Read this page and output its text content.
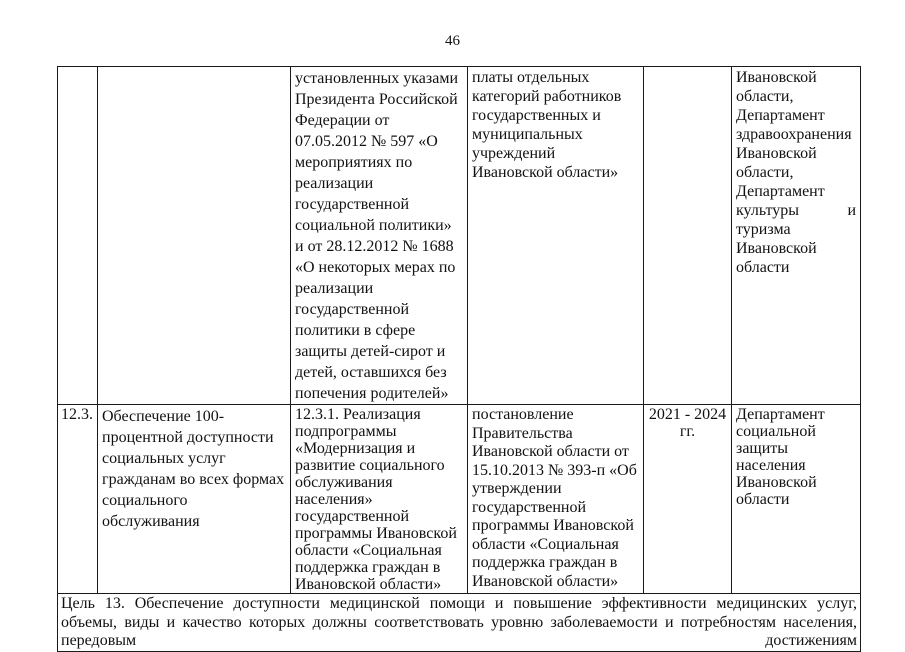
46
		установленных указами Президента Российской Федерации от 07.05.2012 № 597 «О мероприятиях по реализации государственной социальной политики» и от 28.12.2012 № 1688 «О некоторых мерах по реализации государственной политики в сфере защиты детей-сирот и детей, оставшихся без попечения родителей»	платы отдельных категорий работников государственных и муниципальных учреждений Ивановской области»		Ивановской области, Департамент здравоохранения Ивановской области, Департамент культуры и туризма Ивановской области
12.3.	Обеспечение 100-процентной доступности социальных услуг гражданам во всех формах социального обслуживания	12.3.1. Реализация подпрограммы «Модернизация и развитие социального обслуживания населения» государственной программы Ивановской области «Социальная поддержка граждан в Ивановской области»	постановление Правительства Ивановской области от 15.10.2013 № 393-п «Об утверждении государственной программы Ивановской области «Социальная поддержка граждан в Ивановской области»	2021 - 2024 гг.	Департамент социальной защиты населения Ивановской области
Цель 13. Обеспечение доступности медицинской помощи и повышение эффективности медицинских услуг, объемы, виды и качество которых должны соответствовать уровню заболеваемости и потребностям населения, передовым достижениям					
